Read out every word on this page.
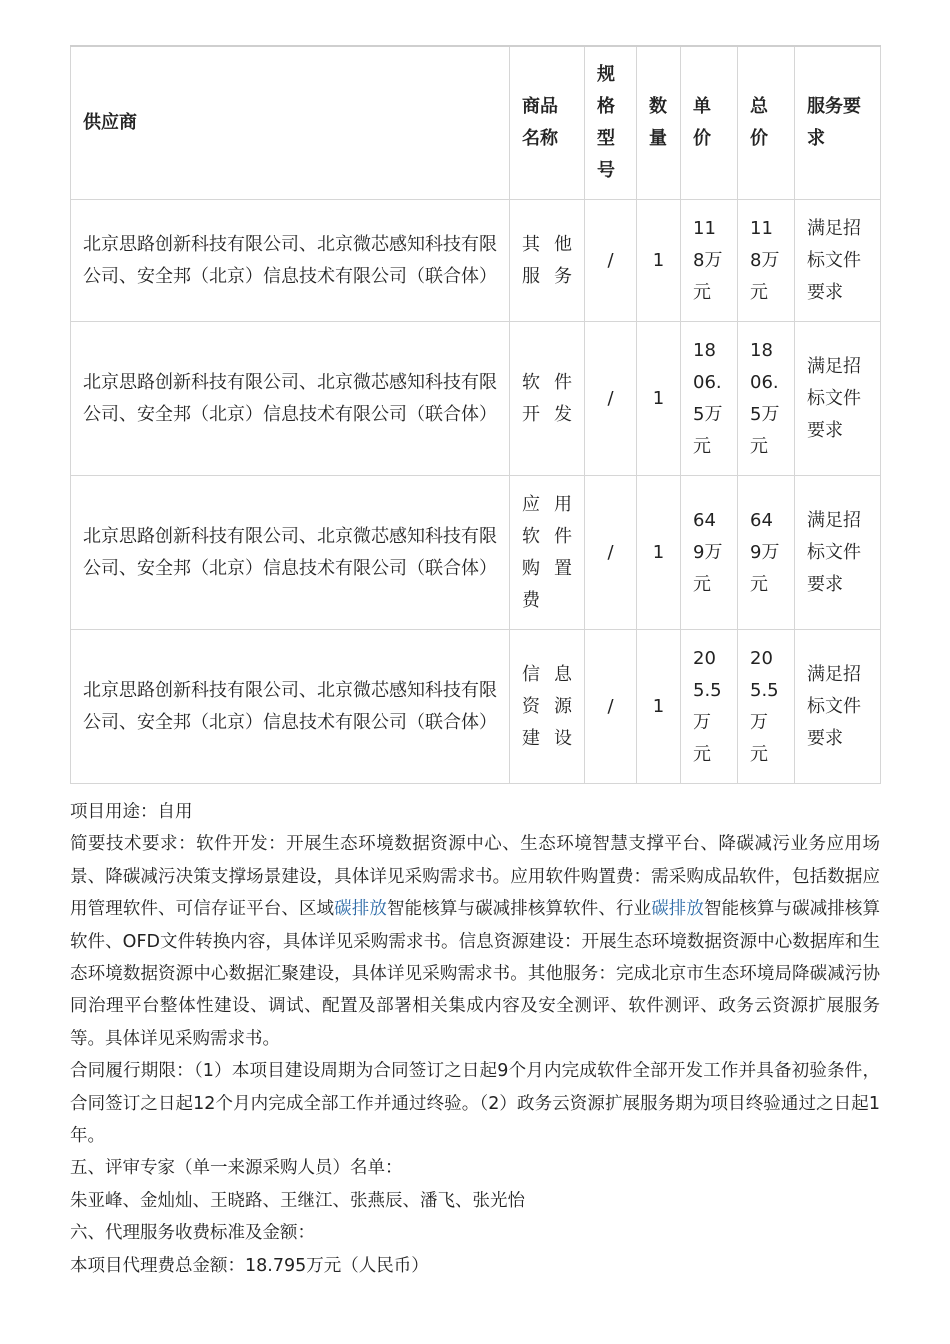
供应商	商品名称	规格型号	数量	单价	总价	服务要求
北京思路创新科技有限公司、北京微芯感知科技有限公司、安全邦（北京）信息技术有限公司（联合体）	其他服务	/	1	118万元	118万元	满足招标文件要求
北京思路创新科技有限公司、北京微芯感知科技有限公司、安全邦（北京）信息技术有限公司（联合体）	软件开发	/	1	1806.5万元	1806.5万元	满足招标文件要求
北京思路创新科技有限公司、北京微芯感知科技有限公司、安全邦（北京）信息技术有限公司（联合体）	应用软件购置费	/	1	649万元	649万元	满足招标文件要求
北京思路创新科技有限公司、北京微芯感知科技有限公司、安全邦（北京）信息技术有限公司（联合体）	信息资源建设	/	1	205.5万元	205.5万元	满足招标文件要求

项目用途：自用

简要技术要求：软件开发：开展生态环境数据资源中心、生态环境智慧支撑平台、降碳减污业务应用场景、降碳减污决策支撑场景建设，具体详见采购需求书。应用软件购置费：需采购成品软件，包括数据应用管理软件、可信存证平台、区域碳排放智能核算与碳减排核算软件、行业碳排放智能核算与碳减排核算软件、OFD文件转换内容，具体详见采购需求书。信息资源建设：开展生态环境数据资源中心数据库和生态环境数据资源中心数据汇聚建设，具体详见采购需求书。其他服务：完成北京市生态环境局降碳减污协同治理平台整体性建设、调试、配置及部署相关集成内容及安全测评、软件测评、政务云资源扩展服务等。具体详见采购需求书。

合同履行期限：（1）本项目建设周期为合同签订之日起9个月内完成软件全部开发工作并具备初验条件，合同签订之日起12个月内完成全部工作并通过终验。（2）政务云资源扩展服务期为项目终验通过之日起1年。

五、评审专家（单一来源采购人员）名单：

朱亚峰、金灿灿、王晓路、王继江、张燕辰、潘飞、张光怡

六、代理服务收费标准及金额：

本项目代理费总金额：18.795万元（人民币）
